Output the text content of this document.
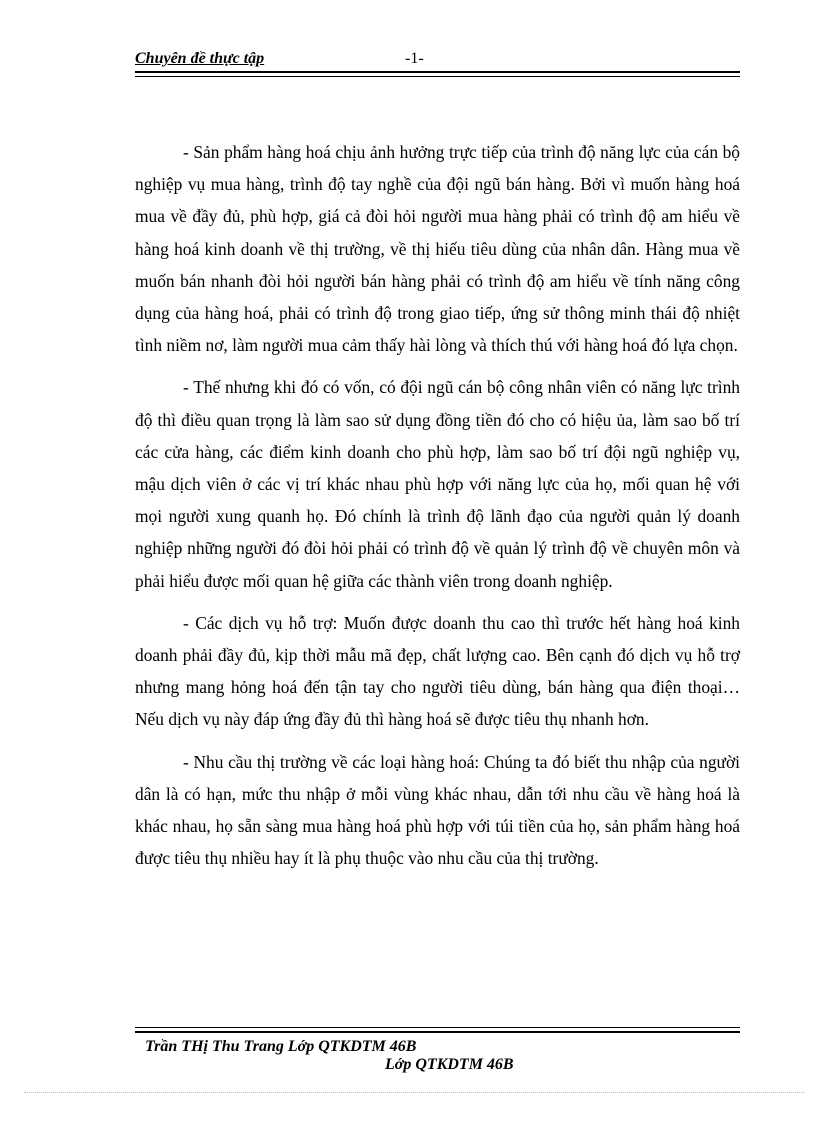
Chuyên đề thực tập	-1-

- Sản phẩm hàng hoá chịu ảnh hưởng trực tiếp của trình độ năng lực của cán bộ nghiệp vụ mua hàng, trình độ tay nghề của đội ngũ bán hàng. Bởi vì muốn hàng hoá mua về đầy đủ, phù hợp, giá cả đòi hỏi người mua hàng phải có trình độ am hiểu về hàng hoá kinh doanh về thị trường, về thị hiếu tiêu dùng của nhân dân. Hàng mua về muốn bán nhanh đòi hỏi người bán hàng phải có trình độ am hiểu về tính năng công dụng của hàng hoá, phải có trình độ trong giao tiếp, ứng sử thông minh thái độ nhiệt tình niềm nơ, làm người mua cảm thấy hài lòng và thích thú với hàng hoá đó lựa chọn.

- Thế nhưng khi đó có vốn, có đội ngũ cán bộ công nhân viên có năng lực trình độ thì điều quan trọng là làm sao sử dụng đồng tiền đó cho có hiệu ủa, làm sao bố trí các cửa hàng, các điểm kinh doanh cho phù hợp, làm sao bố trí đội ngũ nghiệp vụ, mậu dịch viên ở các vị trí khác nhau phù hợp với năng lực của họ, mối quan hệ với mọi người xung quanh họ. Đó chính là trình độ lãnh đạo của người quản lý doanh nghiệp những người đó đòi hỏi phải có trình độ về quản lý trình độ về chuyên môn và phải hiểu được mối quan hệ giữa các thành viên trong doanh nghiệp.

- Các dịch vụ hỗ trợ: Muốn được doanh thu cao thì trước hết hàng hoá kinh doanh phải đầy đủ, kịp thời mẫu mã đẹp, chất lượng cao. Bên cạnh đó dịch vụ hỗ trợ nhưng mang hỏng hoá đến tận tay cho người tiêu dùng, bán hàng qua điện thoại… Nếu dịch vụ này đáp ứng đầy đủ thì hàng hoá sẽ được tiêu thụ nhanh hơn.

- Nhu cầu thị trường về các loại hàng hoá: Chúng ta đó biết thu nhập của người dân là có hạn, mức thu nhập ở mỗi vùng khác nhau, dẫn tới nhu cầu về hàng hoá là khác nhau, họ sẵn sàng mua hàng hoá phù hợp với túi tiền của họ, sản phẩm hàng hoá được tiêu thụ nhiều hay ít là phụ thuộc vào nhu cầu của thị trường.

Trần THị Thu Trang Lớp QTKDTM 46B
Lớp QTKDTM 46B
